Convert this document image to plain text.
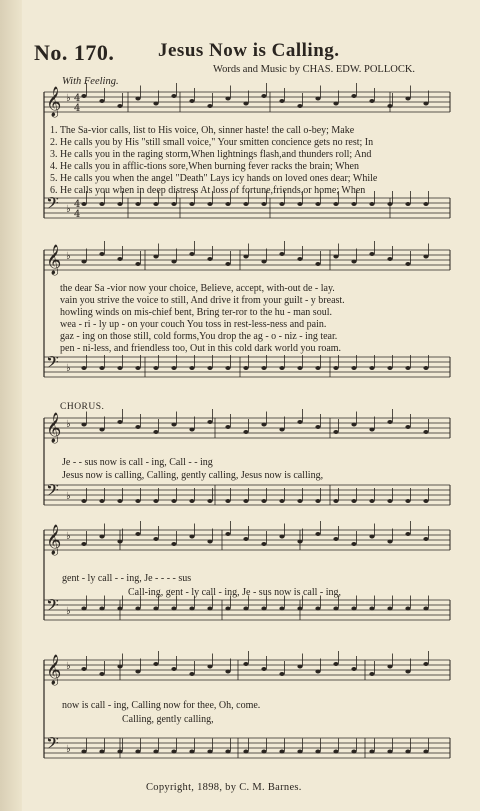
No. 170. Jesus Now is Calling.
Words and Music by CHAS. EDW. POLLOCK.
With Feeling.
𝄞
𝄢
♭
♭
𝄞
𝄢
♭
♭
𝄞
𝄢
♭
♭
𝄞
𝄢
♭
♭
𝄞
𝄢
♭
♭
4
4
4
4
1. The Sa-vior calls, list to His voice, Oh, sinner haste! the call o-bey; Make
2. He calls you by His "still small voice," Your smitten concience gets no rest; In
3. He calls you in the raging storm,When lightnings flash,and thunders roll; And
4. He calls you in afflic-tions sore,When burning fever racks the brain; When
5. He calls you when the angel "Death" Lays icy hands on loved ones dear; While
6. He calls you when in deep distress At loss of fortune,friends,or home; When
the dear Sa -vior now your choice, Believe, accept, with-out de - lay.
vain you strive the voice to still, And drive it from your guilt - y breast.
howling winds on mis-chief bent, Bring ter-ror to the hu - man soul.
wea - ri - ly up - on your couch You toss in rest-less-ness and pain.
gaz - ing on those still, cold forms,You drop the ag - o - niz - ing tear.
pen - ni-less, and friendless too, Out in this cold dark world you roam.
CHORUS.
Je - - sus now is call - ing, Call - - ing
Jesus now is calling, Calling, gently calling, Jesus now is calling,
gent - ly call - - ing, Je - - - - sus
Call-ing, gent - ly call - ing, Je - sus now is call - ing,
now is call - ing, Calling now for thee, Oh, come.
Calling, gently calling,
Copyright, 1898, by C. M. Barnes.
